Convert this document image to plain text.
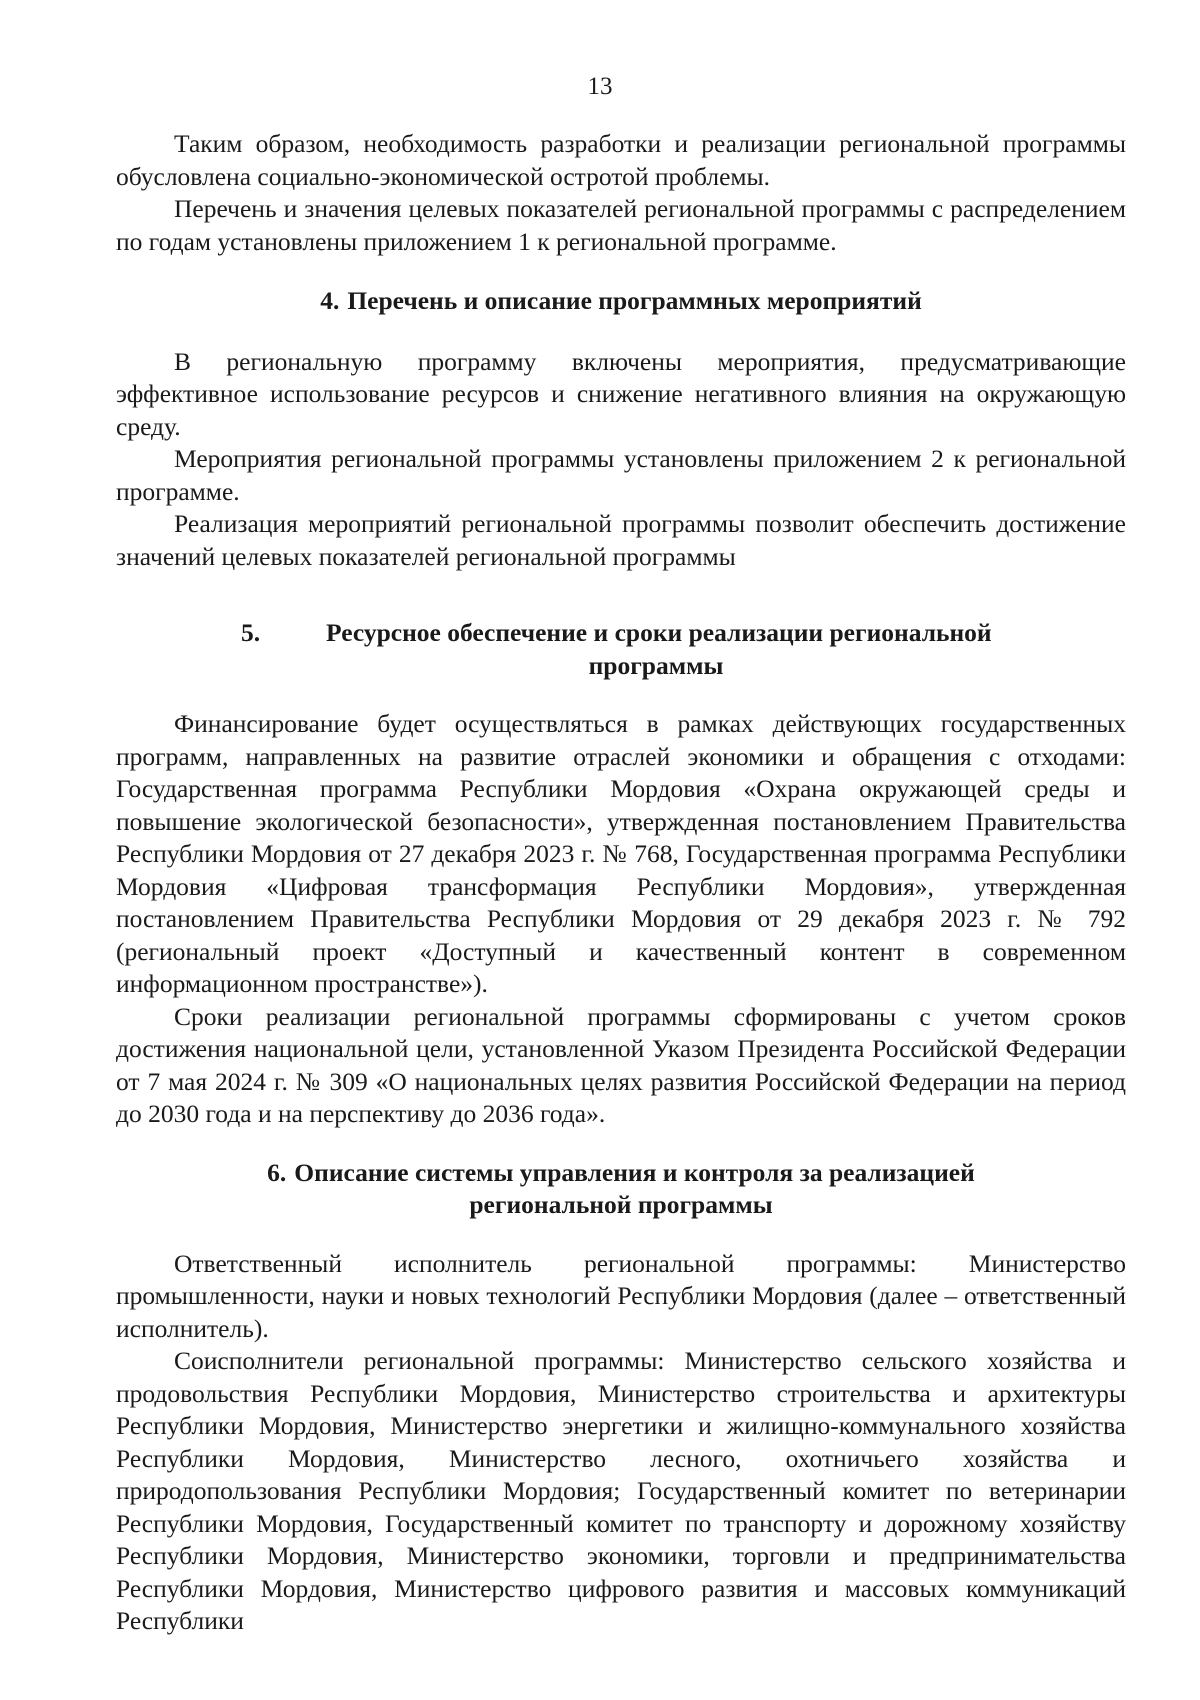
13

Таким образом, необходимость разработки и реализации региональной программы обусловлена социально-экономической остротой проблемы.

Перечень и значения целевых показателей региональной программы с распределением по годам установлены приложением 1 к региональной программе.

4. Перечень и описание программных мероприятий

В региональную программу включены мероприятия, предусматривающие эффективное использование ресурсов и снижение негативного влияния на окружающую среду.

Мероприятия региональной программы установлены приложением 2 к региональной программе.

Реализация мероприятий региональной программы позволит обеспечить достижение значений целевых показателей региональной программы

5.	Ресурсное обеспечение и сроки реализации региональной
программы

Финансирование будет осуществляться в рамках действующих государственных программ, направленных на развитие отраслей экономики и обращения с отходами: Государственная программа Республики Мордовия «Охрана окружающей среды и повышение экологической безопасности», утвержденная постановлением Правительства Республики Мордовия от 27 декабря 2023 г. № 768, Государственная программа Республики Мордовия «Цифровая трансформация Республики Мордовия», утвержденная постановлением Правительства Республики Мордовия от 29 декабря 2023 г. № 792 (региональный проект «Доступный и качественный контент в современном информационном пространстве»).

Сроки реализации региональной программы сформированы с учетом сроков достижения национальной цели, установленной Указом Президента Российской Федерации от 7 мая 2024 г. № 309 «О национальных целях развития Российской Федерации на период до 2030 года и на перспективу до 2036 года».

6. Описание системы управления и контроля за реализацией
региональной программы

Ответственный исполнитель региональной программы: Министерство промышленности, науки и новых технологий Республики Мордовия (далее – ответственный исполнитель).

Соисполнители региональной программы: Министерство сельского хозяйства и продовольствия Республики Мордовия, Министерство строительства и архитектуры Республики Мордовия, Министерство энергетики и жилищно-коммунального хозяйства Республики Мордовия, Министерство лесного, охотничьего хозяйства и природопользования Республики Мордовия; Государственный комитет по ветеринарии Республики Мордовия, Государственный комитет по транспорту и дорожному хозяйству Республики Мордовия, Министерство экономики, торговли и предпринимательства Республики Мордовия, Министерство цифрового развития и массовых коммуникаций Республики
